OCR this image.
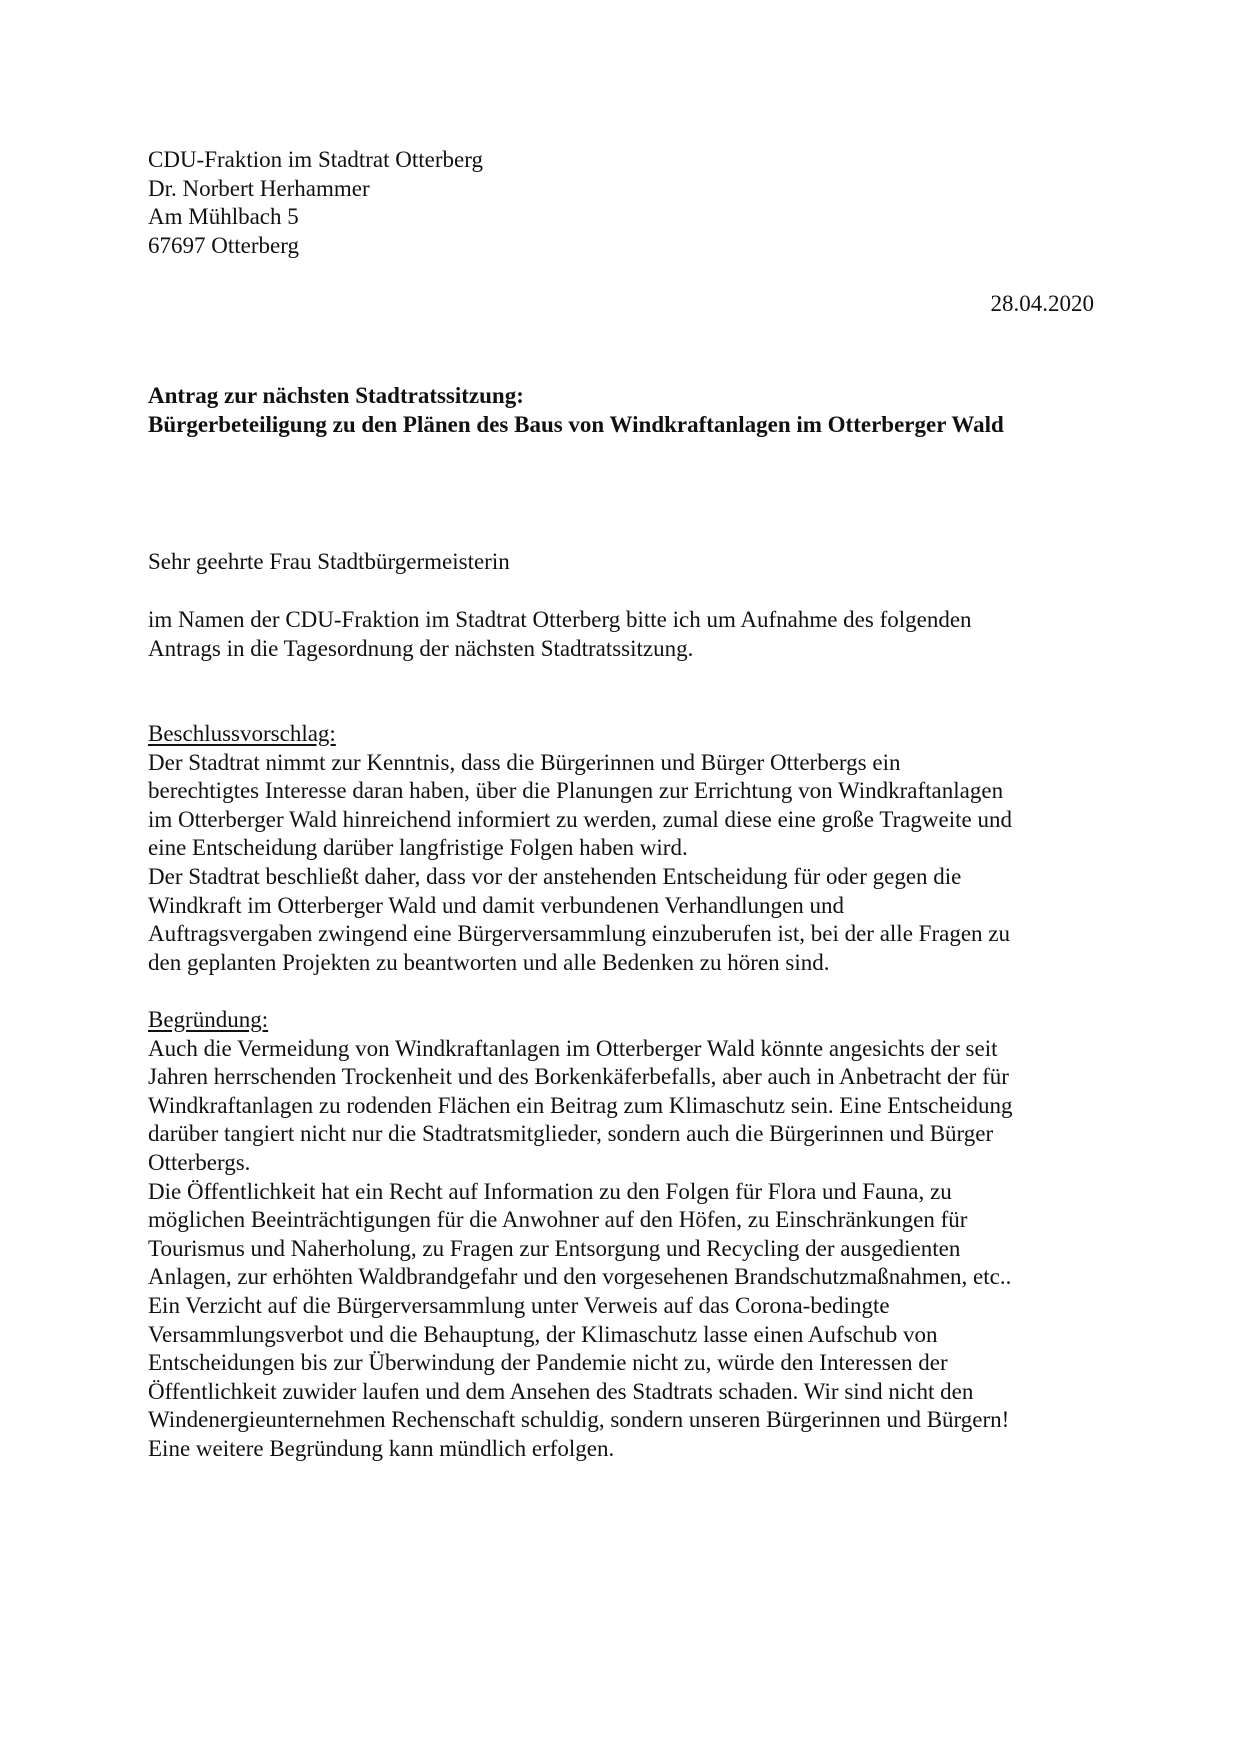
CDU-Fraktion im Stadtrat Otterberg
Dr. Norbert Herhammer
Am Mühlbach 5
67697 Otterberg
28.04.2020
Antrag zur nächsten Stadtratssitzung:
Bürgerbeteiligung zu den Plänen des Baus von Windkraftanlagen im Otterberger Wald
Sehr geehrte Frau Stadtbürgermeisterin
im Namen der CDU-Fraktion im Stadtrat Otterberg bitte ich um Aufnahme des folgenden
Antrags in die Tagesordnung der nächsten Stadtratssitzung.
Beschlussvorschlag:
Der Stadtrat nimmt zur Kenntnis, dass die Bürgerinnen und Bürger Otterbergs ein
berechtigtes Interesse daran haben, über die Planungen zur Errichtung von Windkraftanlagen
im Otterberger Wald hinreichend informiert zu werden, zumal diese eine große Tragweite und
eine Entscheidung darüber langfristige Folgen haben wird.
Der Stadtrat beschließt daher, dass vor der anstehenden Entscheidung für oder gegen die
Windkraft im Otterberger Wald und damit verbundenen Verhandlungen und
Auftragsvergaben zwingend eine Bürgerversammlung einzuberufen ist, bei der alle Fragen zu
den geplanten Projekten zu beantworten und alle Bedenken zu hören sind.
Begründung:
Auch die Vermeidung von Windkraftanlagen im Otterberger Wald könnte angesichts der seit
Jahren herrschenden Trockenheit und des Borkenkäferbefalls, aber auch in Anbetracht der für
Windkraftanlagen zu rodenden Flächen ein Beitrag zum Klimaschutz sein. Eine Entscheidung
darüber tangiert nicht nur die Stadtratsmitglieder, sondern auch die Bürgerinnen und Bürger
Otterbergs.
Die Öffentlichkeit hat ein Recht auf Information zu den Folgen für Flora und Fauna, zu
möglichen Beeinträchtigungen für die Anwohner auf den Höfen, zu Einschränkungen für
Tourismus und Naherholung, zu Fragen zur Entsorgung und Recycling der ausgedienten
Anlagen, zur erhöhten Waldbrandgefahr und den vorgesehenen Brandschutzmaßnahmen, etc..
Ein Verzicht auf die Bürgerversammlung unter Verweis auf das Corona-bedingte
Versammlungsverbot und die Behauptung, der Klimaschutz lasse einen Aufschub von
Entscheidungen bis zur Überwindung der Pandemie nicht zu, würde den Interessen der
Öffentlichkeit zuwider laufen und dem Ansehen des Stadtrats schaden. Wir sind nicht den
Windenergieunternehmen Rechenschaft schuldig, sondern unseren Bürgerinnen und Bürgern!
Eine weitere Begründung kann mündlich erfolgen.
